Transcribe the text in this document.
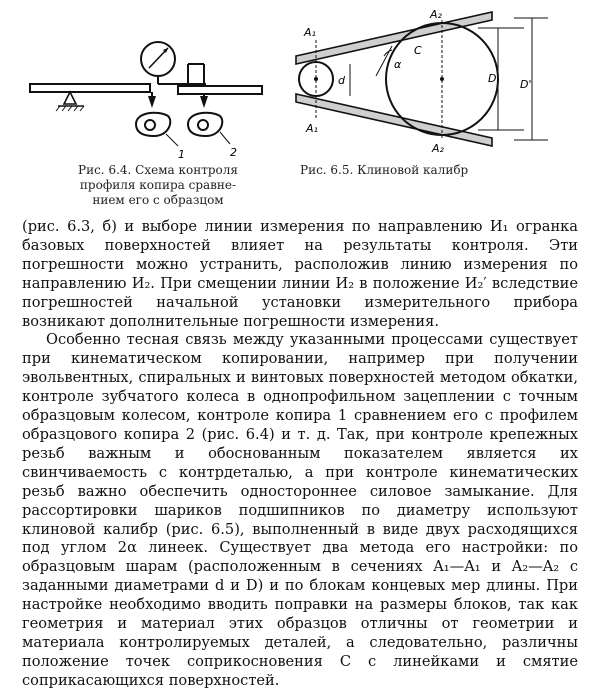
1	2
Рис. 6.4. Схема контроля
профиля копира сравне-
нием его с образцом
A₁
A₁
A₂
A₂
C
d
α
D D'
Рис. 6.5. Клиновой калибр

(рис. 6.3, б) и выборе линии измерения по направлению И₁ огранка базовых поверхностей влияет на результаты контроля. Эти погрешности можно устранить, расположив линию измерения по направлению И₂. При смещении линии И₂ в положение И₂′ вследствие погрешностей начальной установки измерительного прибора возникают дополнительные погрешности измерения.

Особенно тесная связь между указанными процессами существует при кинематическом копировании, например при получении эвольвентных, спиральных и винтовых поверхностей методом обкатки, контроле зубчатого колеса в однопрофильном зацеплении с точным образцовым колесом, контроле копира 1 сравнением его с профилем образцового копира 2 (рис. 6.4) и т. д. Так, при контроле крепежных резьб важным и обоснованным показателем является их свинчиваемость с контрдеталью, а при контроле кинематических резьб важно обеспечить одностороннее силовое замыкание. Для рассортировки шариков подшипников по диаметру используют клиновой калибр (рис. 6.5), выполненный в виде двух расходящихся под углом 2α линеек. Существует два метода его настройки: по образцовым шарам (расположенным в сечениях A₁—A₁ и A₂—A₂ с заданными диаметрами d и D) и по блокам концевых мер длины. При настройке необходимо вводить поправки на размеры блоков, так как геометрия и материал этих образцов отличны от геометрии и материала контролируемых деталей, а следовательно, различны положение точек соприкосновения C с линейками и смятие соприкасающихся поверхностей.
